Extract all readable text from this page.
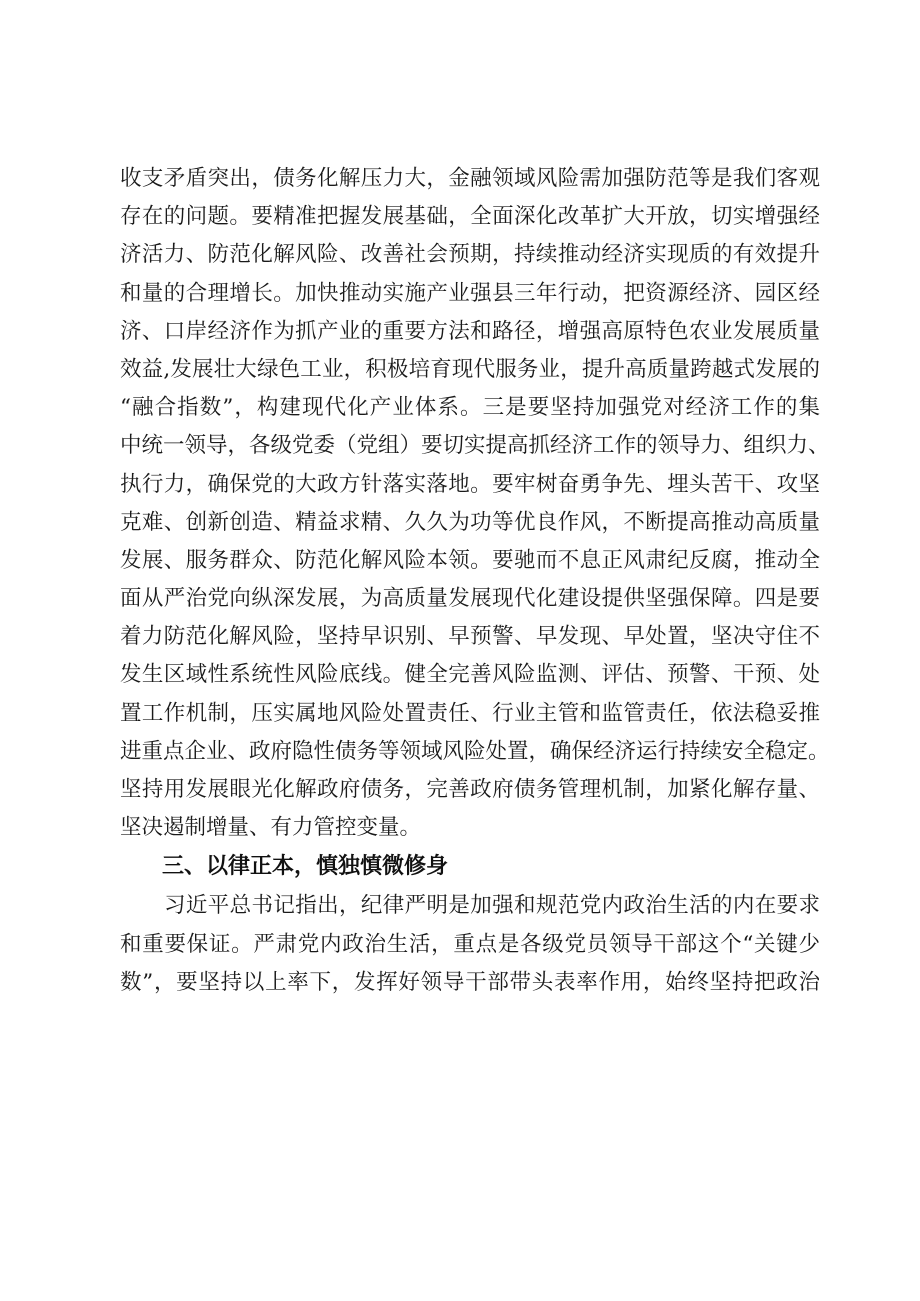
收支矛盾突出，债务化解压力大，金融领域风险需加强防范等是我们客观
存在的问题。要精准把握发展基础，全面深化改革扩大开放，切实增强经
济活力、防范化解风险、改善社会预期，持续推动经济实现质的有效提升
和量的合理增长。加快推动实施产业强县三年行动，把资源经济、园区经
济、口岸经济作为抓产业的重要方法和路径，增强高原特色农业发展质量
效益,发展壮大绿色工业，积极培育现代服务业，提升高质量跨越式发展的
“融合指数”，构建现代化产业体系。三是要坚持加强党对经济工作的集
中统一领导，各级党委（党组）要切实提高抓经济工作的领导力、组织力、
执行力，确保党的大政方针落实落地。要牢树奋勇争先、埋头苦干、攻坚
克难、创新创造、精益求精、久久为功等优良作风，不断提高推动高质量
发展、服务群众、防范化解风险本领。要驰而不息正风肃纪反腐，推动全
面从严治党向纵深发展，为高质量发展现代化建设提供坚强保障。四是要
着力防范化解风险，坚持早识别、早预警、早发现、早处置，坚决守住不
发生区域性系统性风险底线。健全完善风险监测、评估、预警、干预、处
置工作机制，压实属地风险处置责任、行业主管和监管责任，依法稳妥推
进重点企业、政府隐性债务等领域风险处置，确保经济运行持续安全稳定。
坚持用发展眼光化解政府债务，完善政府债务管理机制，加紧化解存量、
坚决遏制增量、有力管控变量。
三、以律正本，慎独慎微修身
习近平总书记指出，纪律严明是加强和规范党内政治生活的内在要求
和重要保证。严肃党内政治生活，重点是各级党员领导干部这个“关键少
数”，要坚持以上率下，发挥好领导干部带头表率作用，始终坚持把政治
